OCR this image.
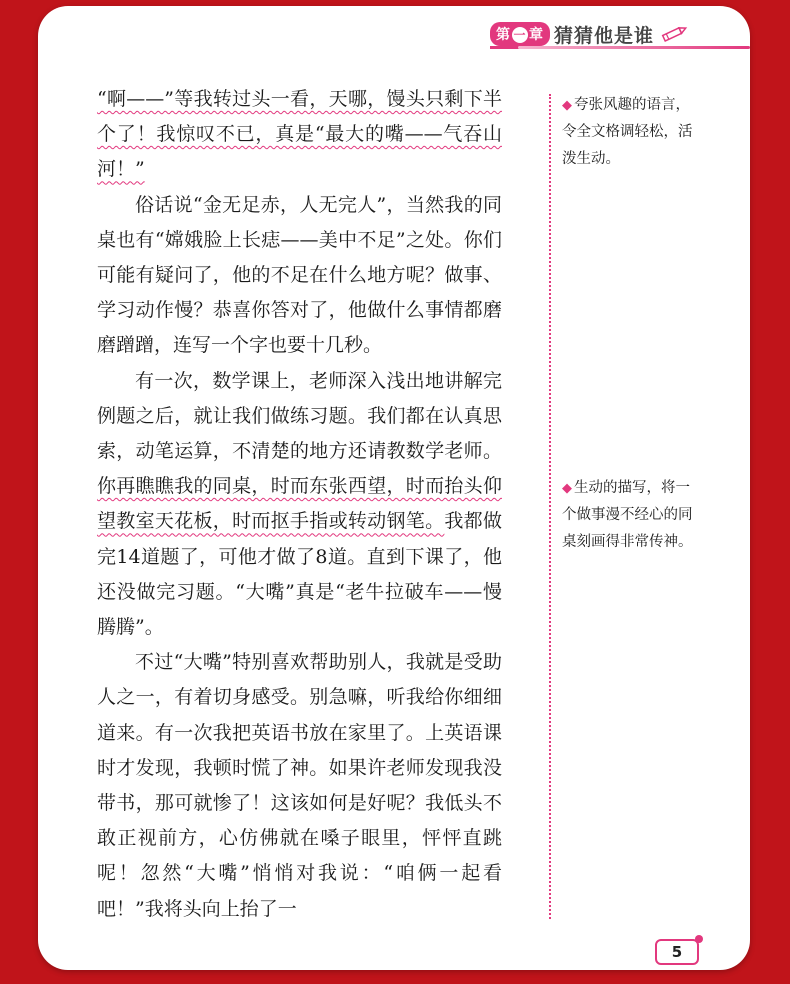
第 一 章 猜猜他是谁
◆ 夸张风趣的语言，令全文格调轻松，活泼生动。
◆ 生动的描写，将一个做事漫不经心的同桌刻画得非常传神。
5

“啊——”等我转过头一看，天哪，馒头只剩下半个了！我惊叹不已，真是“最大的嘴——气吞山河！”

俗话说“金无足赤，人无完人”，当然我的同桌也有“嫦娥脸上长痣——美中不足”之处。你们可能有疑问了，他的不足在什么地方呢？做事、学习动作慢？恭喜你答对了，他做什么事情都磨磨蹭蹭，连写一个字也要十几秒。

有一次，数学课上，老师深入浅出地讲解完例题之后，就让我们做练习题。我们都在认真思索，动笔运算，不清楚的地方还请教数学老师。你再瞧瞧我的同桌，时而东张西望，时而抬头仰望教室天花板，时而抠手指或转动钢笔。我都做完14道题了，可他才做了8道。直到下课了，他还没做完习题。“大嘴”真是“老牛拉破车——慢腾腾”。

不过“大嘴”特别喜欢帮助别人，我就是受助人之一，有着切身感受。别急嘛，听我给你细细道来。有一次我把英语书放在家里了。上英语课时才发现，我顿时慌了神。如果许老师发现我没带书，那可就惨了！这该如何是好呢？我低头不敢正视前方，心仿佛就在嗓子眼里，怦怦直跳呢！忽然“大嘴”悄悄对我说：“咱俩一起看吧！”我将头向上抬了一
